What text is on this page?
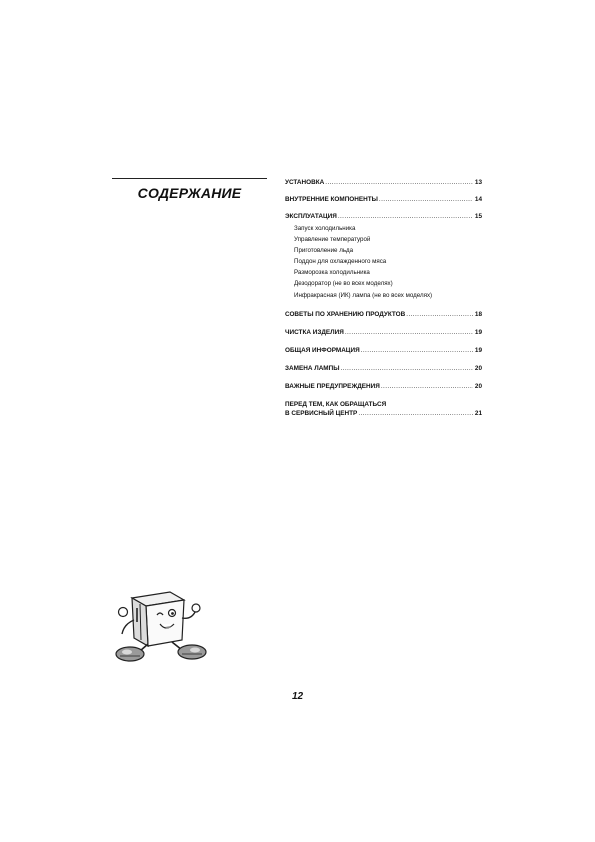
СОДЕРЖАНИЕ
УСТАНОВКА .....	13
ВНУТРЕННИЕ КОМПОНЕНТЫ .....	14
ЭКСПЛУАТАЦИЯ .....	15
Запуск холодильника
Управление температурой
Приготовление льда
Поддон для охлажденного мяса
Разморозка холодильника
Дезодоратор (не во всех моделях)
Инфракрасная (ИК) лампа (не во всех моделях)
СОВЕТЫ ПО ХРАНЕНИЮ ПРОДУКТОВ .....	18
ЧИСТКА ИЗДЕЛИЯ .....	19
ОБЩАЯ ИНФОРМАЦИЯ .....	19
ЗАМЕНА ЛАМПЫ .....	20
ВАЖНЫЕ ПРЕДУПРЕЖДЕНИЯ .....	20
ПЕРЕД ТЕМ, КАК ОБРАЩАТЬСЯ
В СЕРВИСНЫЙ ЦЕНТР .....	21
12
